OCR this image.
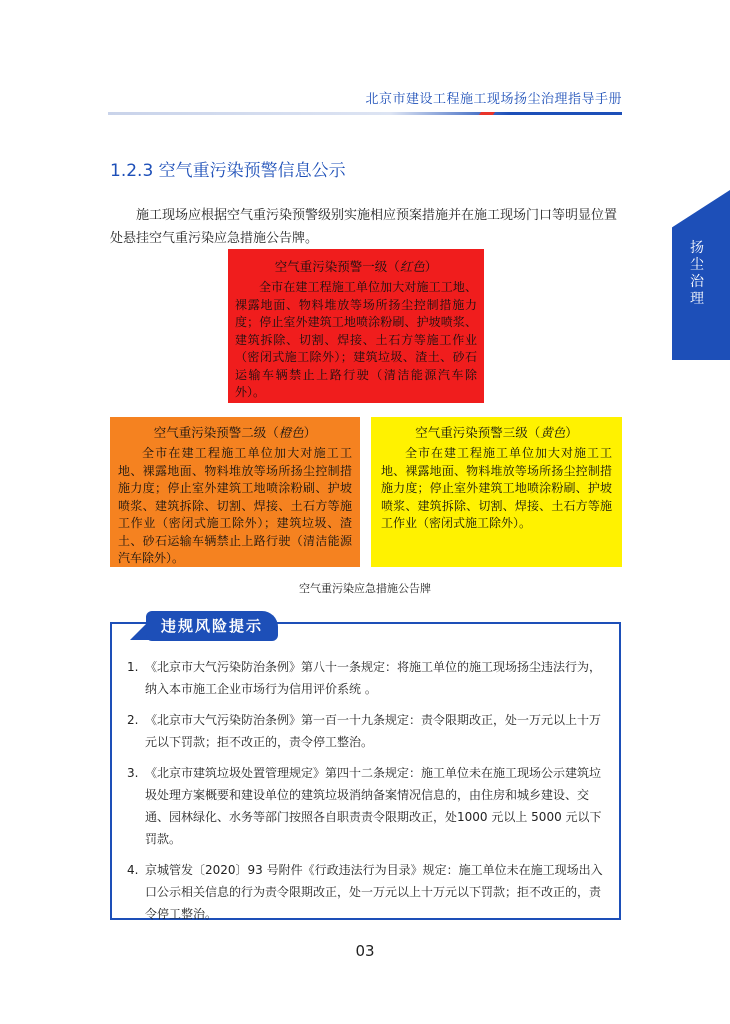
北京市建设工程施工现场扬尘治理指导手册
扬
尘
治
理
1.2.3 空气重污染预警信息公示
施工现场应根据空气重污染预警级别实施相应预案措施并在施工现场门口等明显位置处悬挂空气重污染应急措施公告牌。
空气重污染预警一级（红色）
全市在建工程施工单位加大对施工工地、裸露地面、物料堆放等场所扬尘控制措施力度；停止室外建筑工地喷涂粉刷、护坡喷浆、建筑拆除、切割、焊接、土石方等施工作业（密闭式施工除外）；建筑垃圾、渣土、砂石运输车辆禁止上路行驶（清洁能源汽车除外）。
空气重污染预警二级（橙色）
全市在建工程施工单位加大对施工工地、裸露地面、物料堆放等场所扬尘控制措施力度；停止室外建筑工地喷涂粉刷、护坡喷浆、建筑拆除、切割、焊接、土石方等施工作业（密闭式施工除外）；建筑垃圾、渣土、砂石运输车辆禁止上路行驶（清洁能源汽车除外）。
空气重污染预警三级（黄色）
全市在建工程施工单位加大对施工工地、裸露地面、物料堆放等场所扬尘控制措施力度；停止室外建筑工地喷涂粉刷、护坡喷浆、建筑拆除、切割、焊接、土石方等施工作业（密闭式施工除外）。
空气重污染应急措施公告牌
违规风险提示
1. 《北京市大气污染防治条例》第八十一条规定：将施工单位的施工现场扬尘违法行为，纳入本市施工企业市场行为信用评价系统 。
2. 《北京市大气污染防治条例》第一百一十九条规定：责令限期改正，处一万元以上十万元以下罚款；拒不改正的，责令停工整治。
3. 《北京市建筑垃圾处置管理规定》第四十二条规定：施工单位未在施工现场公示建筑垃圾处理方案概要和建设单位的建筑垃圾消纳备案情况信息的，由住房和城乡建设、交通、园林绿化、水务等部门按照各自职责责令限期改正，处1000 元以上 5000 元以下罚款。
4. 京城管发〔2020〕93 号附件《行政违法行为目录》规定：施工单位未在施工现场出入口公示相关信息的行为责令限期改正，处一万元以上十万元以下罚款；拒不改正的，责令停工整治。
03
